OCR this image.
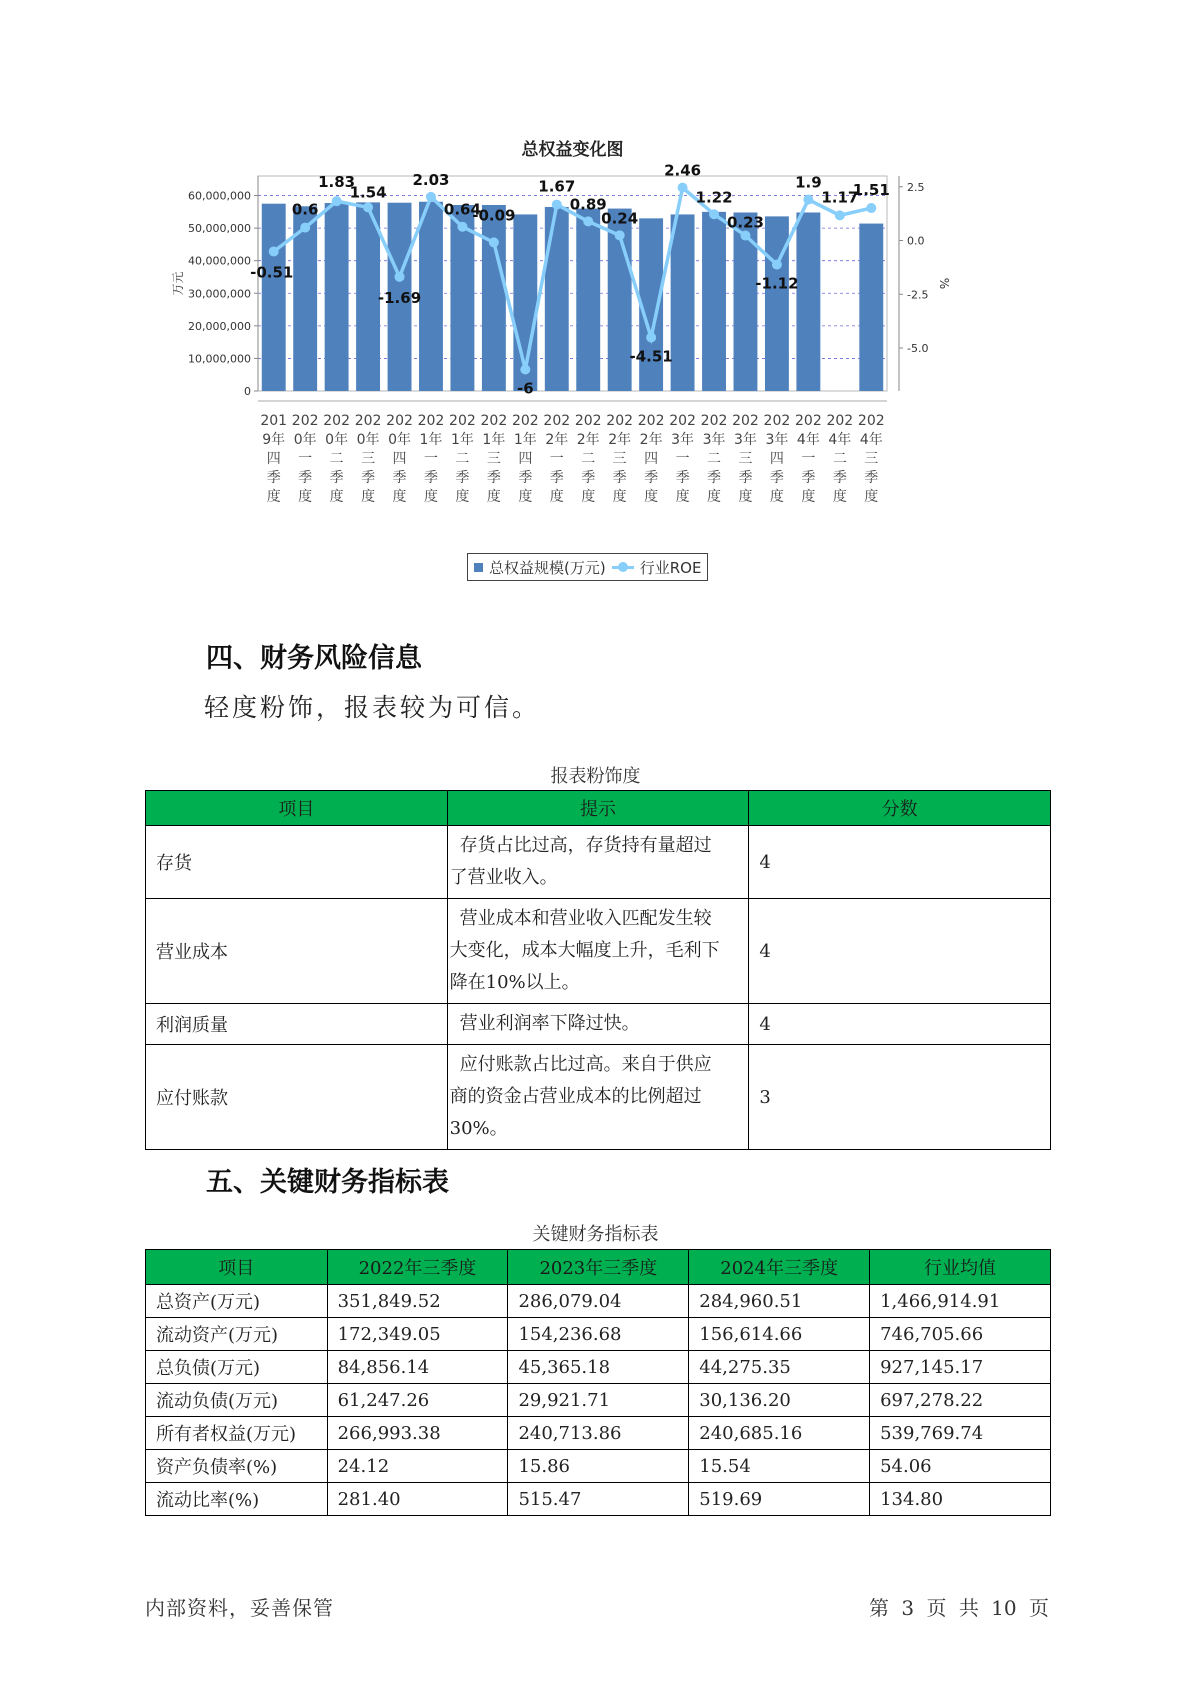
总权益变化图
0
10,000,000
20,000,000
30,000,000
40,000,000
50,000,000
60,000,000
2.5
0.0
-2.5
-5.0
万元	%
201
9年
四
季
度
202
0年
一
季
度
202
0年
二
季
度
202
0年
三
季
度
202
0年
四
季
度
202
1年
一
季
度
202
1年
二
季
度
202
1年
三
季
度
202
1年
四
季
度
202
2年
一
季
度
202
2年
二
季
度
202
2年
三
季
度
202
2年
四
季
度
202
3年
一
季
度
202
3年
二
季
度
202
3年
三
季
度
202
3年
四
季
度
202
4年
一
季
度
202
4年
二
季
度
202
4年
三
季
度
-0.51
0.6
1.83
1.54
-1.69
2.03
0.64
-0.09
-6
1.67
0.89
0.24
-4.51
2.46
1.22
0.23
-1.12
1.9
1.17
1.51
总权益规模(万元) 行业ROE
四、财务风险信息

轻度粉饰，报表较为可信。

报表粉饰度

项目	提示	分数
存货	存货占比过高，存货持有量超过
了营业收入。	4
营业成本	营业成本和营业收入匹配发生较
大变化，成本大幅度上升，毛利下
降在10%以上。	4
利润质量	营业利润率下降过快。	4
应付账款	应付账款占比过高。来自于供应
商的资金占营业成本的比例超过
30%。	3
五、关键财务指标表

关键财务指标表

项目	2022年三季度	2023年三季度	2024年三季度	行业均值
总资产(万元)	351,849.52	286,079.04	284,960.51	1,466,914.91
流动资产(万元)	172,349.05	154,236.68	156,614.66	746,705.66
总负债(万元)	84,856.14	45,365.18	44,275.35	927,145.17
流动负债(万元)	61,247.26	29,921.71	30,136.20	697,278.22
所有者权益(万元)	266,993.38	240,713.86	240,685.16	539,769.74
资产负债率(%)	24.12	15.86	15.54	54.06
流动比率(%)	281.40	515.47	519.69	134.80

内部资料，妥善保管	第 3 页 共 10 页
